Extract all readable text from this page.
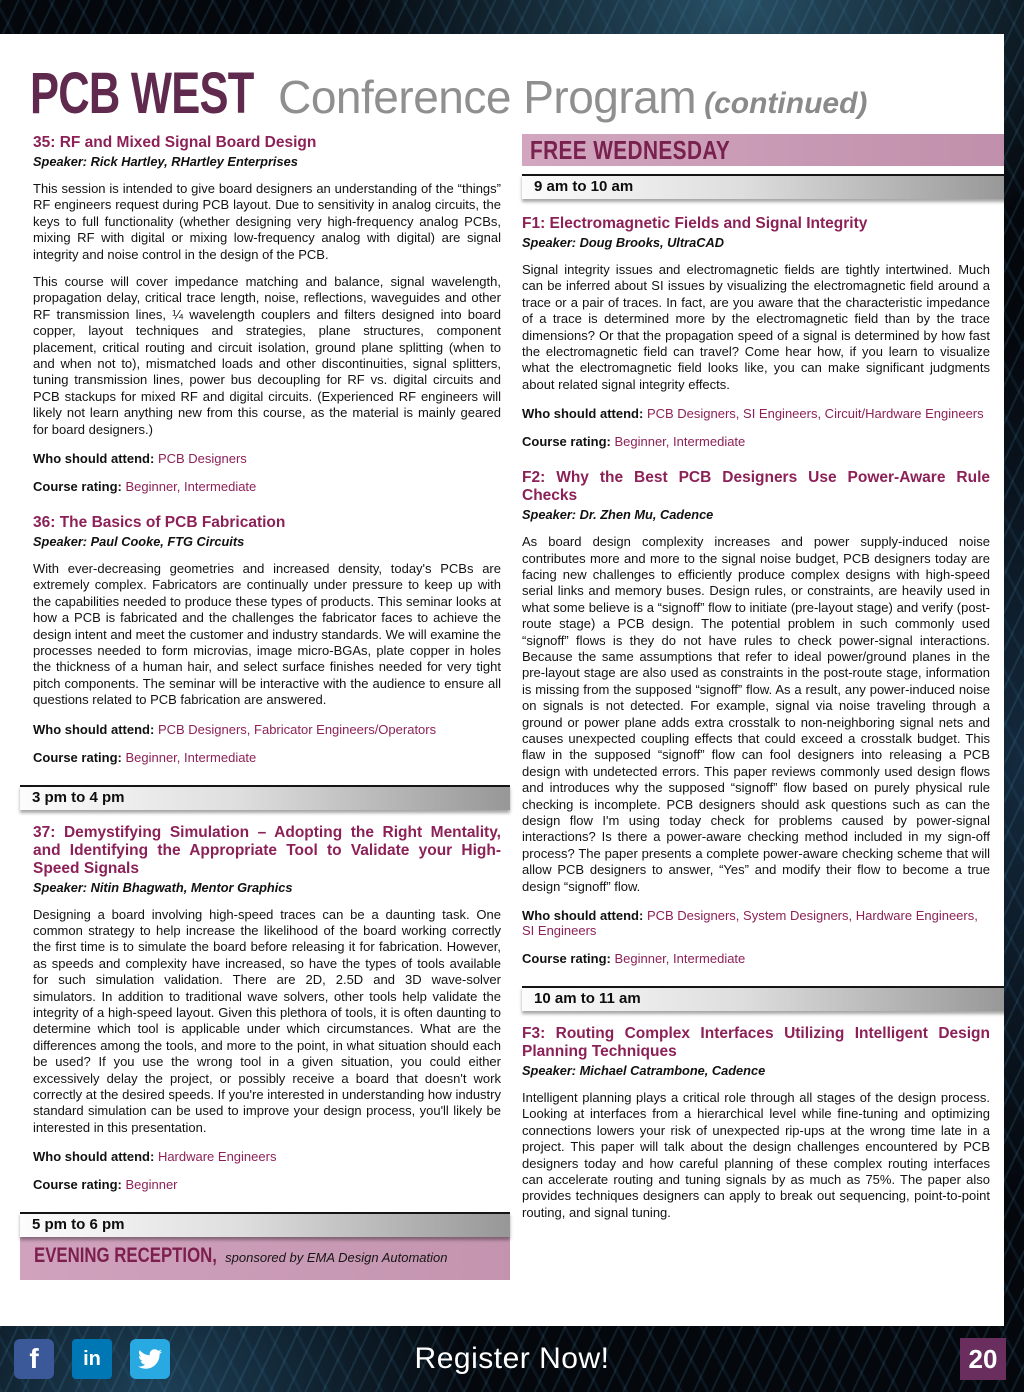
PCB WEST Conference Program (continued)
35: RF and Mixed Signal Board Design
Speaker: Rick Hartley, RHartley Enterprises

This session is intended to give board designers an understanding of the “things” RF engineers request during PCB layout. Due to sensitivity in analog circuits, the keys to full functionality (whether designing very high-frequency analog PCBs, mixing RF with digital or mixing low-frequency analog with digital) are signal integrity and noise control in the design of the PCB.

This course will cover impedance matching and balance, signal wavelength, propagation delay, critical trace length, noise, reflections, waveguides and other RF transmission lines, ¼ wavelength couplers and filters designed into board copper, layout techniques and strategies, plane structures, component placement, critical routing and circuit isolation, ground plane splitting (when to and when not to), mismatched loads and other discontinuities, signal splitters, tuning transmission lines, power bus decoupling for RF vs. digital circuits and PCB stackups for mixed RF and digital circuits. (Experienced RF engineers will likely not learn anything new from this course, as the material is mainly geared for board designers.)

Who should attend: PCB Designers
Course rating: Beginner, Intermediate
36: The Basics of PCB Fabrication
Speaker: Paul Cooke, FTG Circuits

With ever-decreasing geometries and increased density, today's PCBs are extremely complex. Fabricators are continually under pressure to keep up with the capabilities needed to produce these types of products. This seminar looks at how a PCB is fabricated and the challenges the fabricator faces to achieve the design intent and meet the customer and industry standards. We will examine the processes needed to form microvias, image micro-BGAs, plate copper in holes the thickness of a human hair, and select surface finishes needed for very tight pitch components. The seminar will be interactive with the audience to ensure all questions related to PCB fabrication are answered.

Who should attend: PCB Designers, Fabricator Engineers/Operators
Course rating: Beginner, Intermediate
3 pm to 4 pm
37: Demystifying Simulation – Adopting the Right Mentality, and Identifying the Appropriate Tool to Validate your High-Speed Signals
Speaker: Nitin Bhagwath, Mentor Graphics

Designing a board involving high-speed traces can be a daunting task. One common strategy to help increase the likelihood of the board working correctly the first time is to simulate the board before releasing it for fabrication. However, as speeds and complexity have increased, so have the types of tools available for such simulation validation. There are 2D, 2.5D and 3D wave-solver simulators. In addition to traditional wave solvers, other tools help validate the integrity of a high-speed layout. Given this plethora of tools, it is often daunting to determine which tool is applicable under which circumstances. What are the differences among the tools, and more to the point, in what situation should each be used? If you use the wrong tool in a given situation, you could either excessively delay the project, or possibly receive a board that doesn't work correctly at the desired speeds. If you're interested in understanding how industry standard simulation can be used to improve your design process, you'll likely be interested in this presentation.

Who should attend: Hardware Engineers
Course rating: Beginner
5 pm to 6 pm
EVENING RECEPTION, sponsored by EMA Design Automation
FREE WEDNESDAY
9 am to 10 am
F1: Electromagnetic Fields and Signal Integrity
Speaker: Doug Brooks, UltraCAD

Signal integrity issues and electromagnetic fields are tightly intertwined. Much can be inferred about SI issues by visualizing the electromagnetic field around a trace or a pair of traces. In fact, are you aware that the characteristic impedance of a trace is determined more by the electromagnetic field than by the trace dimensions? Or that the propagation speed of a signal is determined by how fast the electromagnetic field can travel? Come hear how, if you learn to visualize what the electromagnetic field looks like, you can make significant judgments about related signal integrity effects.

Who should attend: PCB Designers, SI Engineers, Circuit/Hardware Engineers
Course rating: Beginner, Intermediate
F2: Why the Best PCB Designers Use Power-Aware Rule Checks
Speaker: Dr. Zhen Mu, Cadence

As board design complexity increases and power supply-induced noise contributes more and more to the signal noise budget, PCB designers today are facing new challenges to efficiently produce complex designs with high-speed serial links and memory buses. Design rules, or constraints, are heavily used in what some believe is a “signoff” flow to initiate (pre-layout stage) and verify (post-route stage) a PCB design. The potential problem in such commonly used “signoff” flows is they do not have rules to check power-signal interactions. Because the same assumptions that refer to ideal power/ground planes in the pre-layout stage are also used as constraints in the post-route stage, information is missing from the supposed “signoff” flow. As a result, any power-induced noise on signals is not detected. For example, signal via noise traveling through a ground or power plane adds extra crosstalk to non-neighboring signal nets and causes unexpected coupling effects that could exceed a crosstalk budget. This flaw in the supposed “signoff” flow can fool designers into releasing a PCB design with undetected errors. This paper reviews commonly used design flows and introduces why the supposed “signoff” flow based on purely physical rule checking is incomplete. PCB designers should ask questions such as can the design flow I'm using today check for problems caused by power-signal interactions? Is there a power-aware checking method included in my sign-off process? The paper presents a complete power-aware checking scheme that will allow PCB designers to answer, “Yes” and modify their flow to become a true design “signoff” flow.

Who should attend: PCB Designers, System Designers, Hardware Engineers, SI Engineers
Course rating: Beginner, Intermediate
10 am to 11 am
F3: Routing Complex Interfaces Utilizing Intelligent Design Planning Techniques
Speaker: Michael Catrambone, Cadence

Intelligent planning plays a critical role through all stages of the design process. Looking at interfaces from a hierarchical level while fine-tuning and optimizing connections lowers your risk of unexpected rip-ups at the wrong time late in a project. This paper will talk about the design challenges encountered by PCB designers today and how careful planning of these complex routing interfaces can accelerate routing and tuning signals by as much as 75%. The paper also provides techniques designers can apply to break out sequencing, point-to-point routing, and signal tuning.

f in	Register Now!	20
